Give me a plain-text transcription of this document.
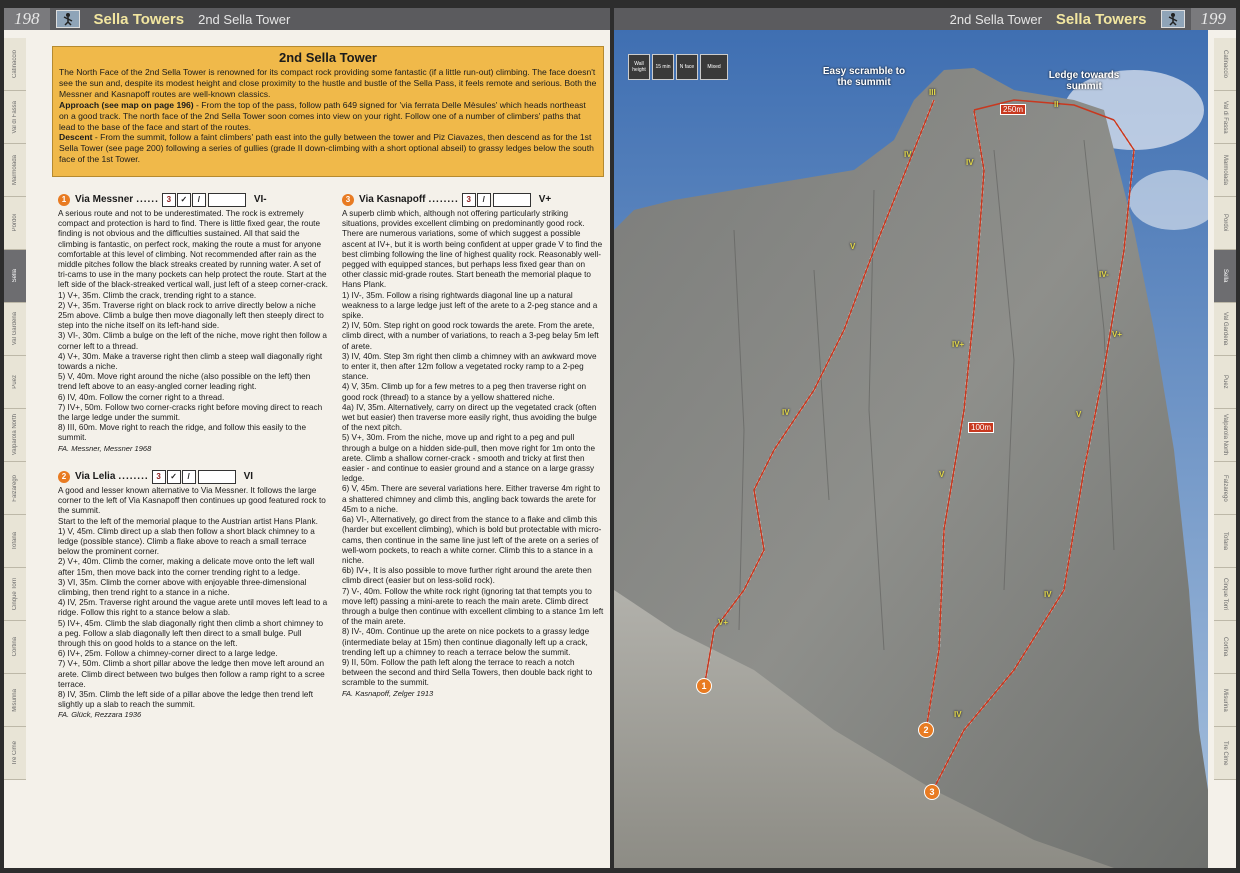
198	Sella Towers 2nd Sella Tower
Catinaccio
Val di Fassa
Marmolada
Pordoi
Sella
Val Gardena
Puez
Valparola North
Falzarego
Tofana
Cinque Torri
Cortina
Misurina
Tre Cime
2nd Sella Tower
The North Face of the 2nd Sella Tower is renowned for its compact rock providing some fantastic (if a little run-out) climbing. The face doesn't see the sun and, despite its modest height and close proximity to the hustle and bustle of the Sella Pass, it feels remote and serious. Both the Messner and Kasnapoff routes are well-known classics.
Approach (see map on page 196) - From the top of the pass, follow path 649 signed for 'via ferrata Delle Mèsules' which heads northeast on a good track. The north face of the 2nd Sella Tower soon comes into view on your right. Follow one of a number of climbers' paths that lead to the base of the face and start of the routes.
Descent - From the summit, follow a faint climbers' path east into the gully between the tower and Piz Ciavazes, then descend as for the 1st Sella Tower (see page 200) following a series of gullies (grade II down-climbing with a short optional abseil) to grassy ledges below the south face of the 1st Tower.
1 Via Messner ...... 3	✓	/	VI-
A serious route and not to be underestimated. The rock is extremely compact and protection is hard to find. There is little fixed gear, the route finding is not obvious and the difficulties sustained. All that said the climbing is fantastic, on perfect rock, making the route a must for anyone comfortable at this level of climbing. Not recommended after rain as the middle pitches follow the black streaks created by running water. A set of tri-cams to use in the many pockets can help protect the route. Start at the left side of the black-streaked vertical wall, just left of a steep corner-crack.
1) V+, 35m. Climb the crack, trending right to a stance.
2) V+, 35m. Traverse right on black rock to arrive directly below a niche 25m above. Climb a bulge then move diagonally left then steeply direct to step into the niche itself on its left-hand side.
3) VI-, 30m. Climb a bulge on the left of the niche, move right then follow a corner left to a thread.
4) V+, 30m. Make a traverse right then climb a steep wall diagonally right towards a niche.
5) V, 40m. Move right around the niche (also possible on the left) then trend left above to an easy-angled corner leading right.
6) IV, 40m. Follow the corner right to a thread.
7) IV+, 50m. Follow two corner-cracks right before moving direct to reach the large ledge under the summit.
8) III, 60m. Move right to reach the ridge, and follow this easily to the summit.
FA. Messner, Messner 1968
2 Via Lelia ........ 3	✓	/	VI
A good and lesser known alternative to Via Messner. It follows the large corner to the left of Via Kasnapoff then continues up good featured rock to the summit.
Start to the left of the memorial plaque to the Austrian artist Hans Plank.
1) V, 45m. Climb direct up a slab then follow a short black chimney to a ledge (possible stance). Climb a flake above to reach a small terrace below the prominent corner.
2) V+, 40m. Climb the corner, making a delicate move onto the left wall after 15m, then move back into the corner trending right to a ledge.
3) VI, 35m. Climb the corner above with enjoyable three-dimensional climbing, then trend right to a stance in a niche.
4) IV, 25m. Traverse right around the vague arete until moves left lead to a ridge. Follow this right to a stance below a slab.
5) IV+, 45m. Climb the slab diagonally right then climb a short chimney to a peg. Follow a slab diagonally left then direct to a small bulge. Pull through this on good holds to a stance on the left.
6) IV+, 25m. Follow a chimney-corner direct to a large ledge.
7) V+, 50m. Climb a short pillar above the ledge then move left around an arete. Climb direct between two bulges then follow a ramp right to a scree terrace.
8) IV, 35m. Climb the left side of a pillar above the ledge then trend left slightly up a slab to reach the summit.
FA. Glück, Rezzara 1936
3 Via Kasnapoff ........ 3	/	V+
A superb climb which, although not offering particularly striking situations, provides excellent climbing on predominantly good rock. There are numerous variations, some of which suggest a possible ascent at IV+, but it is worth being confident at upper grade V to find the best climbing following the line of highest quality rock. Reasonably well-pegged with equipped stances, but perhaps less fixed gear than on other classic mid-grade routes. Start beneath the memorial plaque to Hans Plank.
1) IV-, 35m. Follow a rising rightwards diagonal line up a natural weakness to a large ledge just left of the arete to a 2-peg stance and a spike.
2) IV, 50m. Step right on good rock towards the arete. From the arete, climb direct, with a number of variations, to reach a 3-peg belay 5m left of arete.
3) IV, 40m. Step 3m right then climb a chimney with an awkward move to enter it, then after 12m follow a vegetated rocky ramp to a 2-peg stance.
4) V, 35m. Climb up for a few metres to a peg then traverse right on good rock (thread) to a stance by a yellow shattered niche.
4a) IV, 35m. Alternatively, carry on direct up the vegetated crack (often wet but easier) then traverse more easily right, thus avoiding the bulge of the next pitch.
5) V+, 30m. From the niche, move up and right to a peg and pull through a bulge on a hidden side-pull, then move right for 1m onto the arete. Climb a shallow corner-crack - smooth and tricky at first then easier - and continue to easier ground and a stance on a large grassy ledge.
6) V, 45m. There are several variations here. Either traverse 4m right to a shattered chimney and climb this, angling back towards the arete for 45m to a niche.
6a) VI-, Alternatively, go direct from the stance to a flake and climb this (harder but excellent climbing), which is bold but protectable with micro-cams, then continue in the same line just left of the arete on a series of well-worn pockets, to reach a white corner. Climb this to a stance in a niche.
6b) IV+, It is also possible to move further right around the arete then climb direct (easier but on less-solid rock).
7) V-, 40m. Follow the white rock right (ignoring tat that tempts you to move left) passing a mini-arete to reach the main arete. Climb direct through a bulge then continue with excellent climbing to a stance 1m left of the main arete.
8) IV-, 40m. Continue up the arete on nice pockets to a grassy ledge (intermediate belay at 15m) then continue diagonally left up a crack, trending left up a chimney to reach a terrace below the summit.
9) II, 50m. Follow the path left along the terrace to reach a notch between the second and third Sella Towers, then double back right to scramble to the summit.
FA. Kasnapoff, Zelger 1913
2nd Sella Tower Sella Towers	199
Wall height	15 min	N face	Mixed	Easy scramble to the summit
Ledge towards summit
250m
100m
1
2
3
III
IV
V
IV
V+
IV
IV+
V
II
IV-
V+
V
IV
IV
Catinaccio
Val di Fassa
Marmolada
Pordoi
Sella
Val Gardena
Puez
Valparola North
Falzarego
Tofana
Cinque Torri
Cortina
Misurina
Tre Cime
